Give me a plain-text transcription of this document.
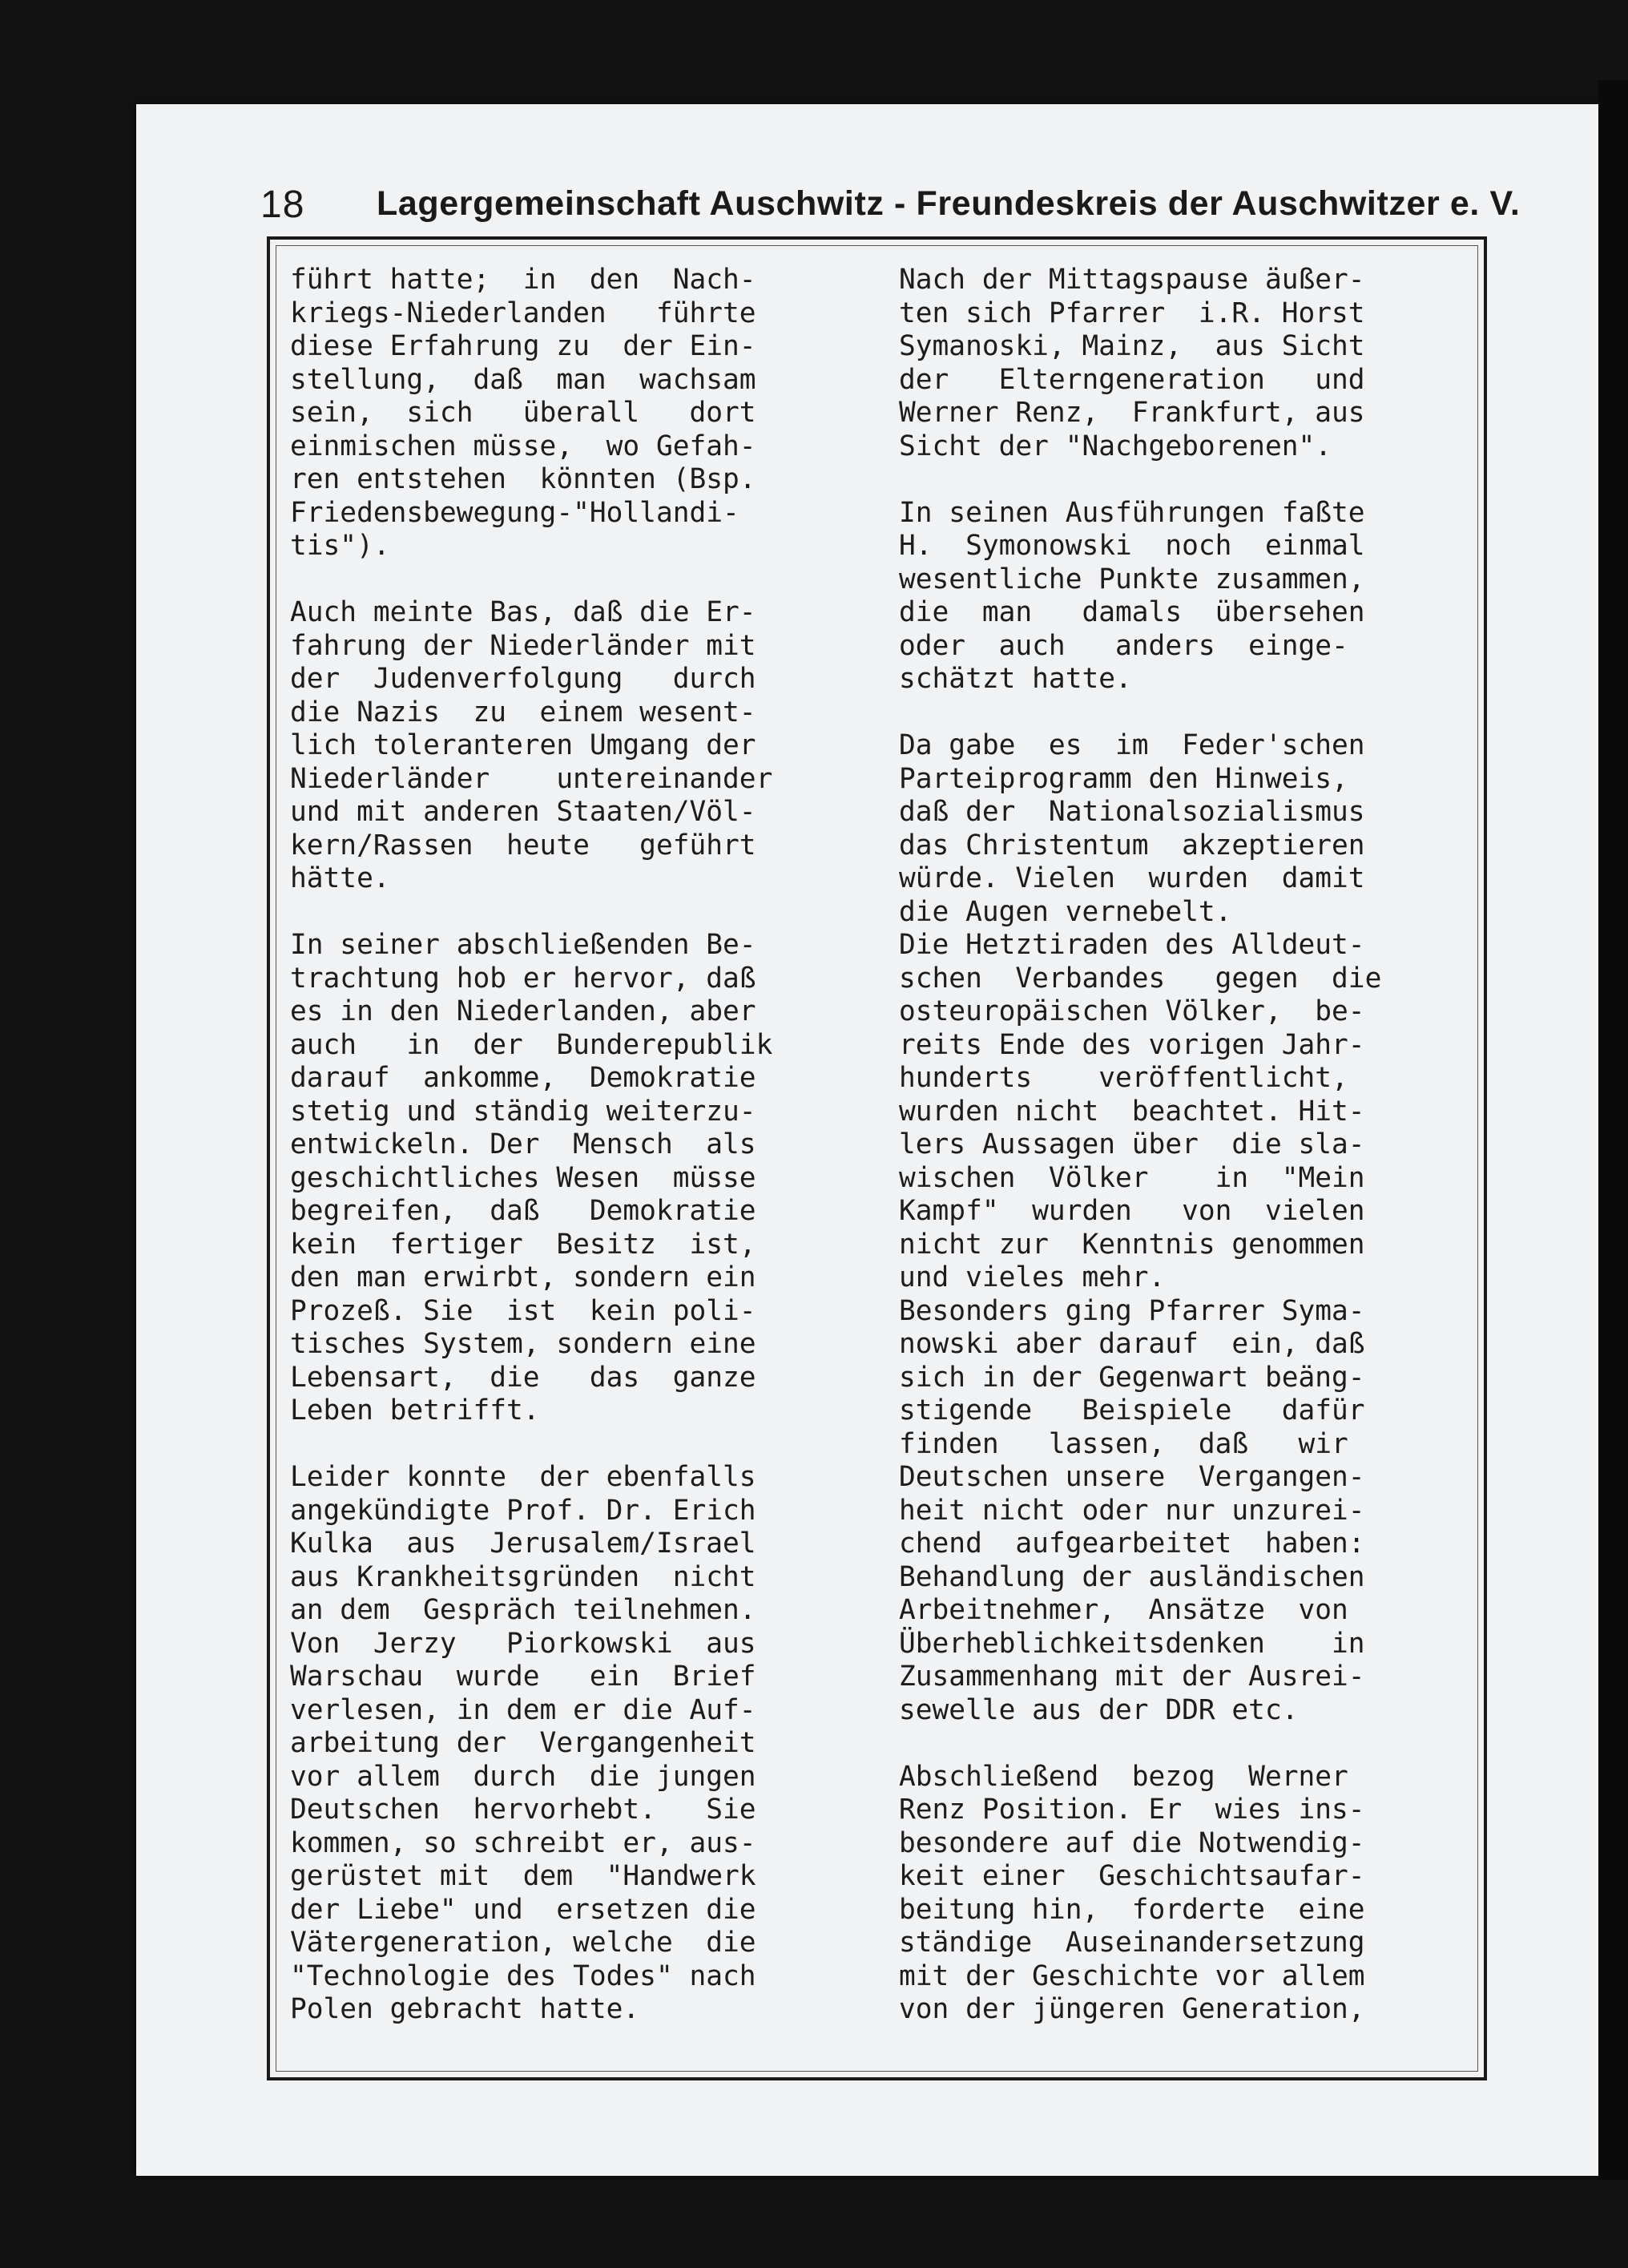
18 Lagergemeinschaft Auschwitz - Freundeskreis der Auschwitzer e. V.

führt hatte;  in  den  Nach-
kriegs-Niederlanden   führte
diese Erfahrung zu  der Ein-
stellung,  daß  man  wachsam
sein,  sich   überall   dort
einmischen müsse,  wo Gefah-
ren entstehen  könnten (Bsp.
Friedensbewegung-"Hollandi-
tis").

Auch meinte Bas, daß die Er-
fahrung der Niederländer mit
der  Judenverfolgung   durch
die Nazis  zu  einem wesent-
lich toleranteren Umgang der
Niederländer    untereinander
und mit anderen Staaten/Völ-
kern/Rassen  heute   geführt
hätte.

In seiner abschließenden Be-
trachtung hob er hervor, daß
es in den Niederlanden, aber
auch   in  der  Bunderepublik
darauf  ankomme,  Demokratie
stetig und ständig weiterzu-
entwickeln. Der  Mensch  als
geschichtliches Wesen  müsse
begreifen,  daß   Demokratie
kein  fertiger  Besitz  ist,
den man erwirbt, sondern ein
Prozeß. Sie  ist  kein poli-
tisches System, sondern eine
Lebensart,  die   das  ganze
Leben betrifft.

Leider konnte  der ebenfalls
angekündigte Prof. Dr. Erich
Kulka  aus  Jerusalem/Israel
aus Krankheitsgründen  nicht
an dem  Gespräch teilnehmen.
Von  Jerzy   Piorkowski  aus
Warschau  wurde   ein  Brief
verlesen, in dem er die Auf-
arbeitung der  Vergangenheit
vor allem  durch  die jungen
Deutschen  hervorhebt.   Sie
kommen, so schreibt er, aus-
gerüstet mit  dem  "Handwerk
der Liebe" und  ersetzen die
Vätergeneration, welche  die
"Technologie des Todes" nach
Polen gebracht hatte.

Nach der Mittagspause äußer-
ten sich Pfarrer  i.R. Horst
Symanoski, Mainz,  aus Sicht
der   Elterngeneration   und
Werner Renz,  Frankfurt, aus
Sicht der "Nachgeborenen".

In seinen Ausführungen faßte
H.  Symonowski  noch  einmal
wesentliche Punkte zusammen,
die  man   damals  übersehen
oder  auch   anders  einge-
schätzt hatte.

Da gabe  es  im  Feder'schen
Parteiprogramm den Hinweis,
daß der  Nationalsozialismus
das Christentum  akzeptieren
würde. Vielen  wurden  damit
die Augen vernebelt.
Die Hetztiraden des Alldeut-
schen  Verbandes   gegen  die
osteuropäischen Völker,  be-
reits Ende des vorigen Jahr-
hunderts    veröffentlicht,
wurden nicht  beachtet. Hit-
lers Aussagen über  die sla-
wischen  Völker    in  "Mein
Kampf"  wurden   von  vielen
nicht zur  Kenntnis genommen
und vieles mehr.
Besonders ging Pfarrer Syma-
nowski aber darauf  ein, daß
sich in der Gegenwart beäng-
stigende   Beispiele   dafür
finden   lassen,  daß   wir
Deutschen unsere  Vergangen-
heit nicht oder nur unzurei-
chend  aufgearbeitet  haben:
Behandlung der ausländischen
Arbeitnehmer,  Ansätze  von
Überheblichkeitsdenken    in
Zusammenhang mit der Ausrei-
sewelle aus der DDR etc.

Abschließend  bezog  Werner
Renz Position. Er  wies ins-
besondere auf die Notwendig-
keit einer  Geschichtsaufar-
beitung hin,  forderte  eine
ständige  Auseinandersetzung
mit der Geschichte vor allem
von der jüngeren Generation,
